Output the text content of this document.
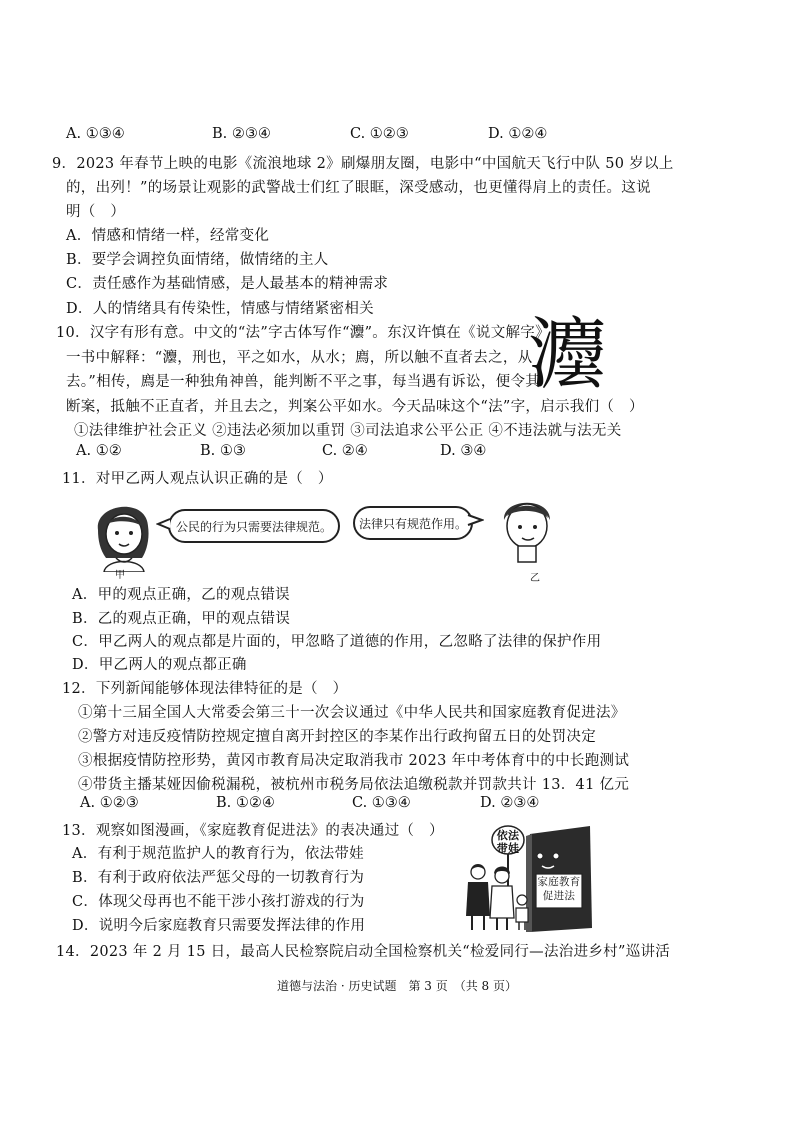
A. ①③④	B. ②③④	C. ①②③	D. ①②④
9．2023 年春节上映的电影《流浪地球 2》刷爆朋友圈，电影中“中国航天飞行中队 50 岁以上
的，出列！”的场景让观影的武警战士们红了眼眶，深受感动，也更懂得肩上的责任。这说
明（　）
A．情感和情绪一样，经常变化
B．要学会调控负面情绪，做情绪的主人
C．责任感作为基础情感，是人最基本的精神需求
D．人的情绪具有传染性，情感与情绪紧密相关
10．汉字有形有意。中文的“法”字古体写作“灋”。东汉许慎在《说文解字》
一书中解释：“灋，刑也，平之如水，从水；廌，所以触不直者去之，从
去。”相传，廌是一种独角神兽，能判断不平之事，每当遇有诉讼，便令其
断案，抵触不正直者，并且去之，判案公平如水。今天品味这个“法”字，启示我们（　）
灋
①法律维护社会正义 ②违法必须加以重罚 ③司法追求公平公正 ④不违法就与法无关
A. ①②	B. ①③	C. ②④	D. ③④
11．对甲乙两人观点认识正确的是（　）
甲
公民的行为只需要法律规范。 法律只有规范作用。
乙
A．甲的观点正确，乙的观点错误
B．乙的观点正确，甲的观点错误
C．甲乙两人的观点都是片面的，甲忽略了道德的作用，乙忽略了法律的保护作用
D．甲乙两人的观点都正确
12．下列新闻能够体现法律特征的是（　）
①第十三届全国人大常委会第三十一次会议通过《中华人民共和国家庭教育促进法》
②警方对违反疫情防控规定擅自离开封控区的李某作出行政拘留五日的处罚决定
③根据疫情防控形势，黄冈市教育局决定取消我市 2023 年中考体育中的中长跑测试
④带货主播某娅因偷税漏税，被杭州市税务局依法追缴税款并罚款共计 13．41 亿元
A. ①②③	B. ①②④	C. ①③④	D. ②③④
13．观察如图漫画，《家庭教育促进法》的表决通过（　）
A．有利于规范监护人的教育行为，依法带娃
B．有利于政府依法严惩父母的一切教育行为
C．体现父母再也不能干涉小孩打游戏的行为
D．说明今后家庭教育只需要发挥法律的作用
依法带娃
家庭教育促进法
14．2023 年 2 月 15 日，最高人民检察院启动全国检察机关“检爱同行—法治进乡村”巡讲活
道德与法治 · 历史试题　第 3 页　（共 8 页）
